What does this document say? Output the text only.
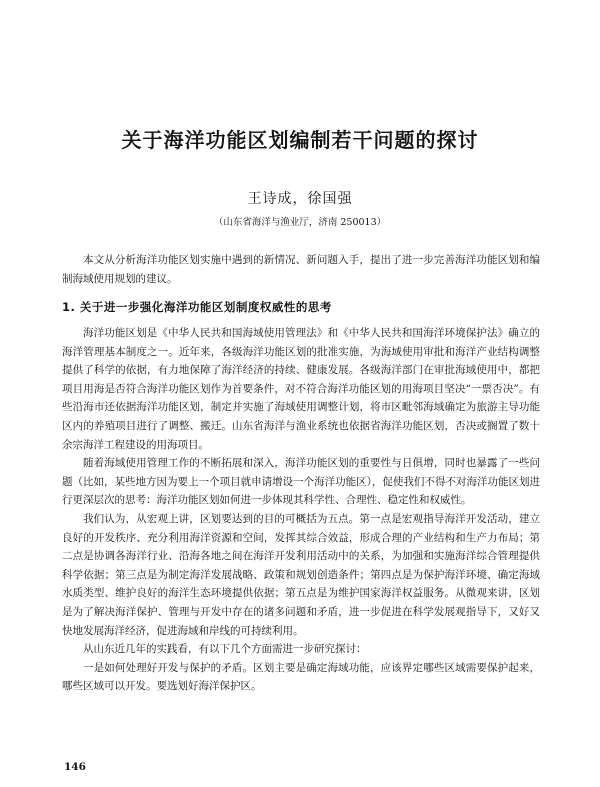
关于海洋功能区划编制若干问题的探讨
王诗成，徐国强
（山东省海洋与渔业厅，济南 250013）

本文从分析海洋功能区划实施中遇到的新情况、新问题入手，提出了进一步完善海洋功能区划和编制海域使用规划的建议。

1. 关于进一步强化海洋功能区划制度权威性的思考

海洋功能区划是《中华人民共和国海域使用管理法》和《中华人民共和国海洋环境保护法》确立的海洋管理基本制度之一。近年来，各级海洋功能区划的批准实施，为海域使用审批和海洋产业结构调整提供了科学的依据，有力地保障了海洋经济的持续、健康发展。各级海洋部门在审批海域使用中，都把项目用海是否符合海洋功能区划作为首要条件，对不符合海洋功能区划的用海项目坚决“一票否决”。有些沿海市还依据海洋功能区划，制定并实施了海域使用调整计划，将市区毗邻海域确定为旅游主导功能区内的养殖项目进行了调整、搬迁。山东省海洋与渔业系统也依据省海洋功能区划，否决或搁置了数十余宗海洋工程建设的用海项目。

随着海域使用管理工作的不断拓展和深入，海洋功能区划的重要性与日俱增，同时也暴露了一些问题（比如，某些地方因为要上一个项目就申请增设一个海洋功能区），促使我们不得不对海洋功能区划进行更深层次的思考：海洋功能区划如何进一步体现其科学性、合理性、稳定性和权威性。

我们认为，从宏观上讲，区划要达到的目的可概括为五点。第一点是宏观指导海洋开发活动，建立良好的开发秩序、充分利用海洋资源和空间，发挥其综合效益，形成合理的产业结构和生产力布局；第二点是协调各海洋行业、沿海各地之间在海洋开发利用活动中的关系，为加强和实施海洋综合管理提供科学依据；第三点是为制定海洋发展战略、政策和规划创造条件；第四点是为保护海洋环境、确定海域水质类型、维护良好的海洋生态环境提供依据；第五点是为维护国家海洋权益服务。从微观来讲，区划是为了解决海洋保护、管理与开发中存在的诸多问题和矛盾，进一步促进在科学发展观指导下，又好又快地发展海洋经济，促进海域和岸线的可持续利用。

从山东近几年的实践看，有以下几个方面需进一步研究探讨：

一是如何处理好开发与保护的矛盾。区划主要是确定海域功能，应该界定哪些区域需要保护起来，哪些区域可以开发。要选划好海洋保护区。

146
